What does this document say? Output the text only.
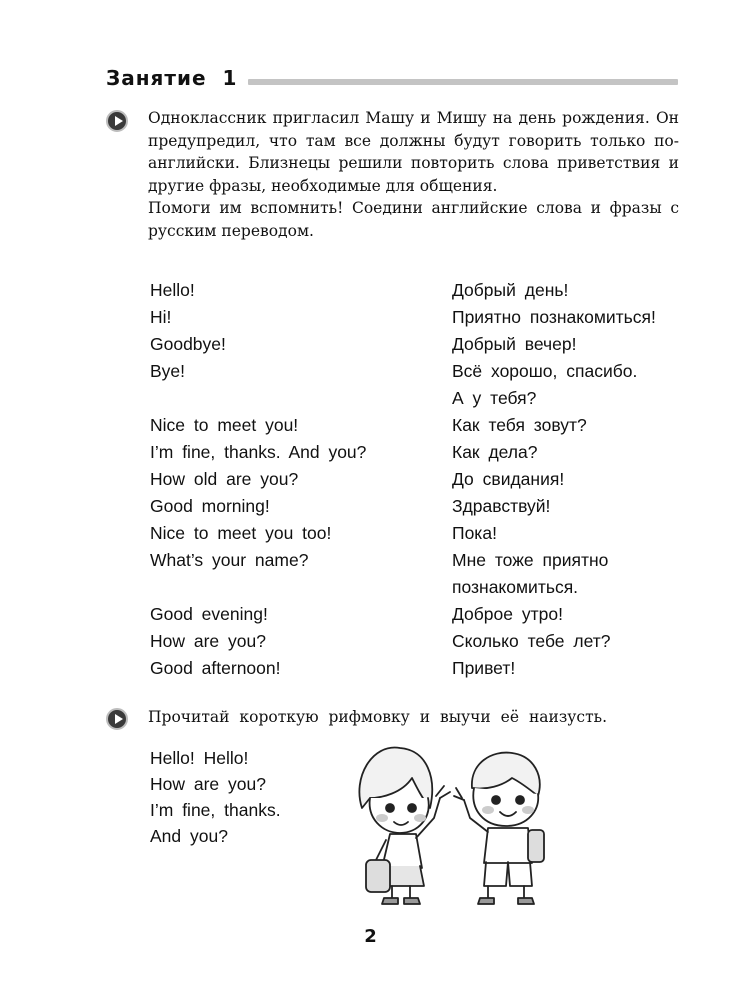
Занятие  1

Одноклассник пригласил Машу и Мишу на день рождения. Он предупредил, что там все должны будут говорить только по-английски. Близнецы решили повторить слова приветствия и другие фразы, необходимые для общения.

Помоги им вспомнить! Соедини английские слова и фразы с русским переводом.

Hello!
Hi!
Goodbye!
Bye!
Nice to meet you!
I’m fine, thanks. And you?
How old are you?
Good morning!
Nice to meet you too!
What’s your name?
Good evening!
How are you?
Good afternoon!
Добрый день!
Приятно познакомиться!
Добрый вечер!
Всё хорошо, спасибо.
А у тебя?
Как тебя зовут?
Как дела?
До свидания!
Здравствуй!
Пока!
Мне тоже приятно
познакомиться.
Доброе утро!
Сколько тебе лет?
Привет!
Прочитай короткую рифмовку и выучи её наизусть.
Hello! Hello!
How are you?
I’m fine, thanks.
And you?
2
